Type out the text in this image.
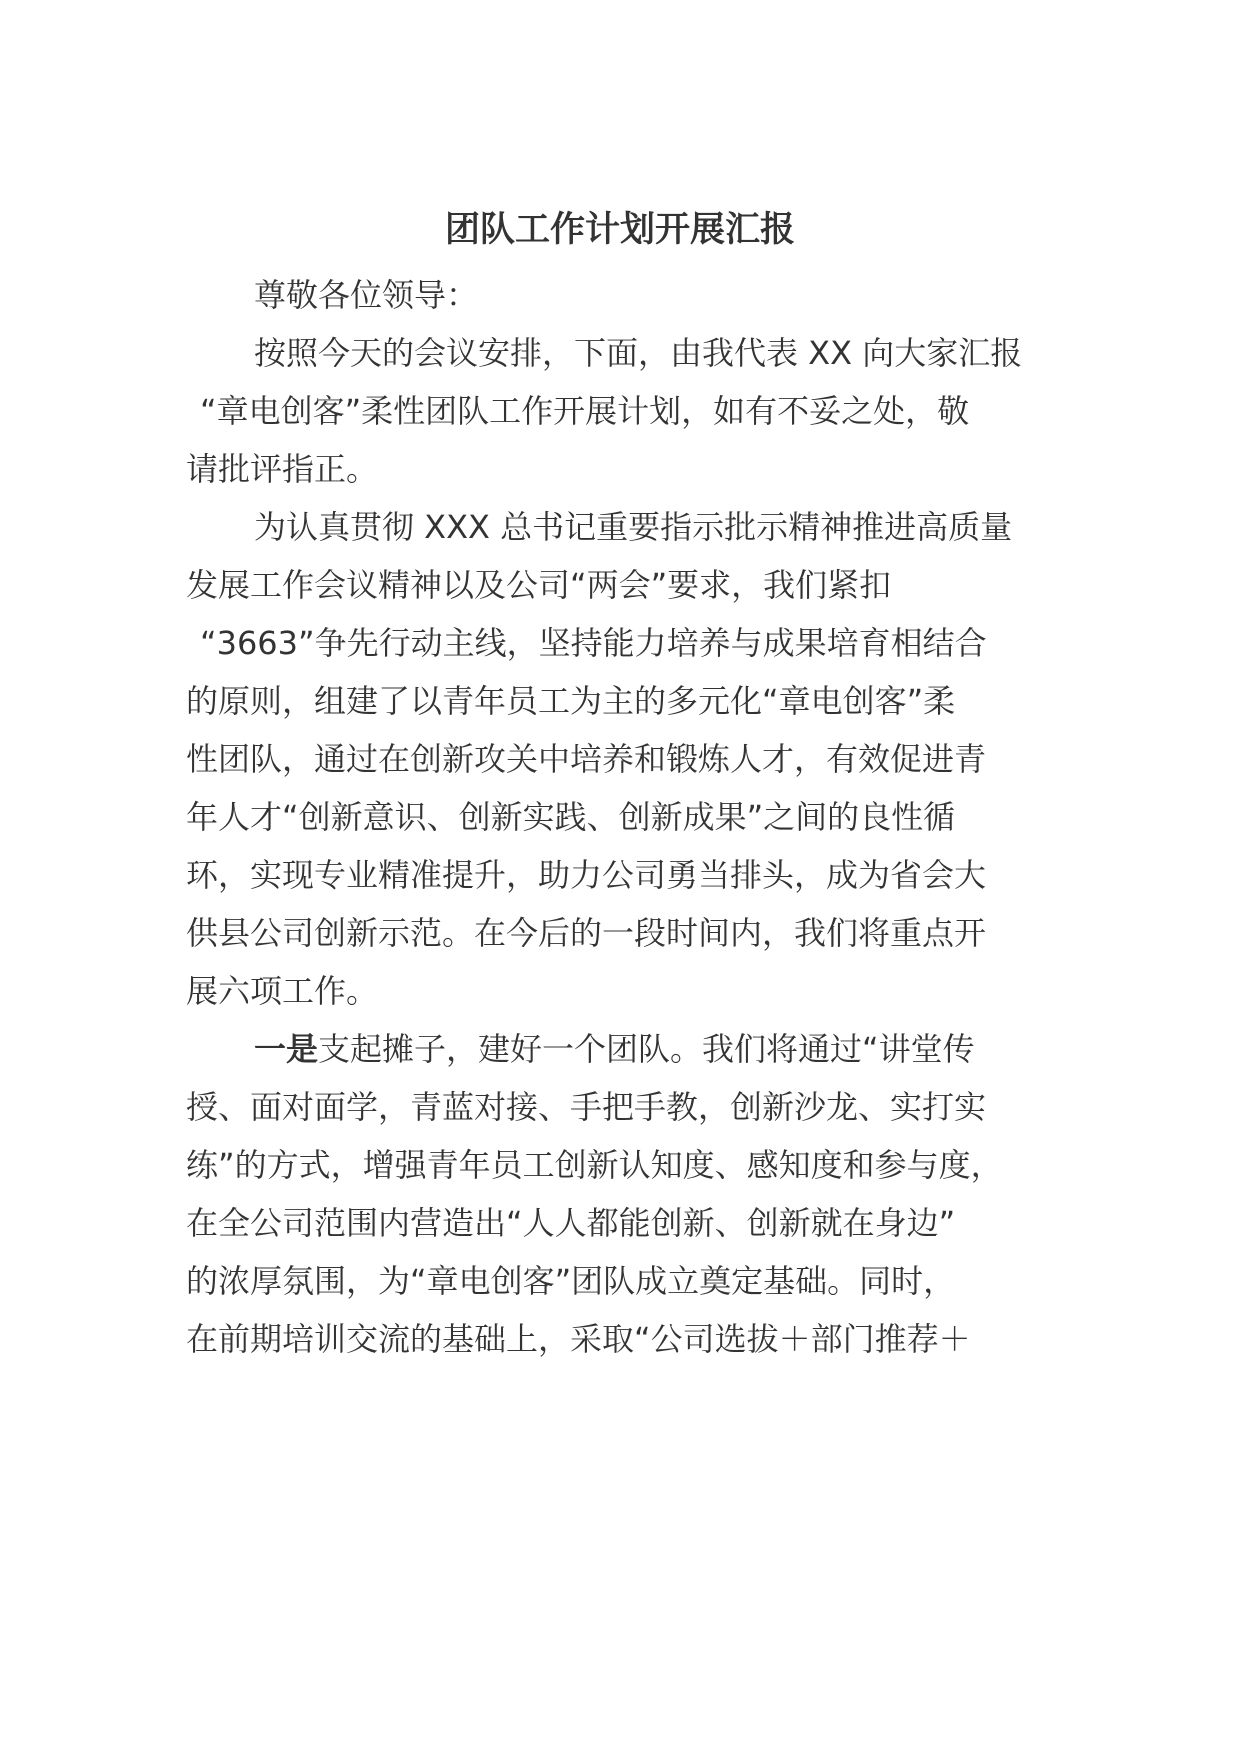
团队工作计划开展汇报

尊敬各位领导：

按照今天的会议安排，下面，由我代表 XX 向大家汇报

“章电创客”柔性团队工作开展计划，如有不妥之处，敬

请批评指正。

为认真贯彻 XXX 总书记重要指示批示精神推进高质量

发展工作会议精神以及公司“两会”要求，我们紧扣

“3663”争先行动主线，坚持能力培养与成果培育相结合

的原则，组建了以青年员工为主的多元化“章电创客”柔

性团队，通过在创新攻关中培养和锻炼人才，有效促进青

年人才“创新意识、创新实践、创新成果”之间的良性循

环，实现专业精准提升，助力公司勇当排头，成为省会大

供县公司创新示范。在今后的一段时间内，我们将重点开

展六项工作。

一是支起摊子，建好一个团队。我们将通过“讲堂传

授、面对面学，青蓝对接、手把手教，创新沙龙、实打实

练”的方式，增强青年员工创新认知度、感知度和参与度，

在全公司范围内营造出“人人都能创新、创新就在身边”

的浓厚氛围，为“章电创客”团队成立奠定基础。同时，

在前期培训交流的基础上，采取“公司选拔＋部门推荐＋
